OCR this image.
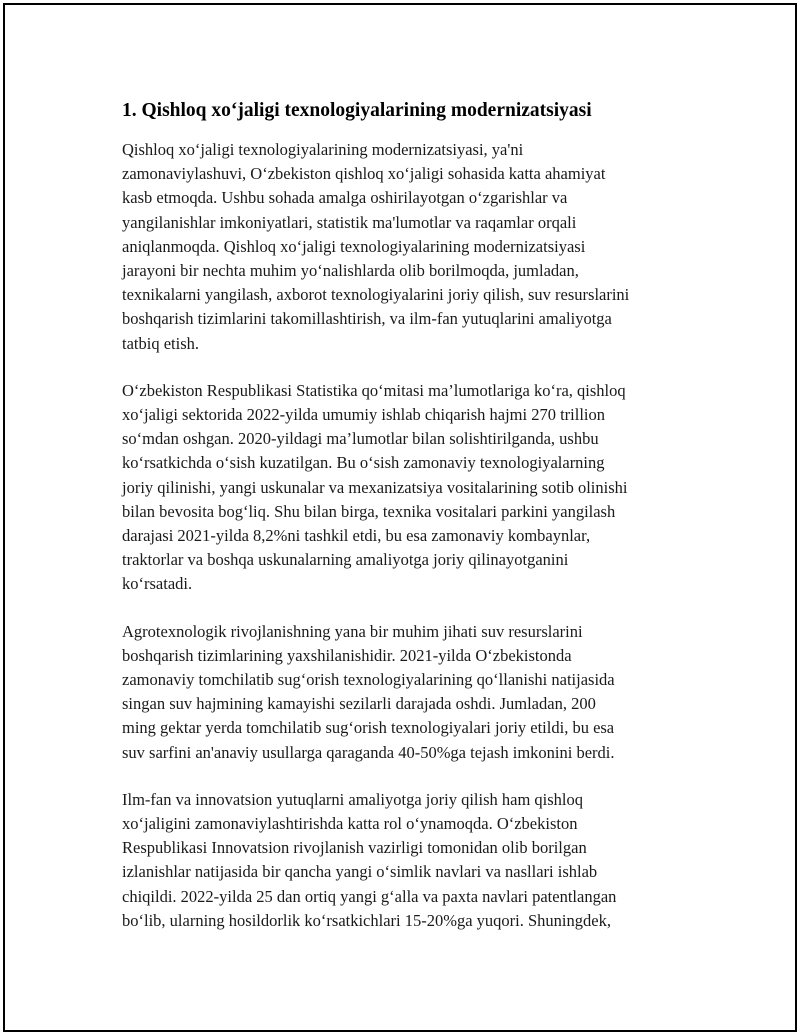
1. Qishloq xo‘jaligi texnologiyalarining modernizatsiyasi

Qishloq xo‘jaligi texnologiyalarining modernizatsiyasi, ya'ni
zamonaviylashuvi, O‘zbekiston qishloq xo‘jaligi sohasida katta ahamiyat
kasb etmoqda. Ushbu sohada amalga oshirilayotgan o‘zgarishlar va
yangilanishlar imkoniyatlari, statistik ma'lumotlar va raqamlar orqali
aniqlanmoqda. Qishloq xo‘jaligi texnologiyalarining modernizatsiyasi
jarayoni bir nechta muhim yo‘nalishlarda olib borilmoqda, jumladan,
texnikalarni yangilash, axborot texnologiyalarini joriy qilish, suv resurslarini
boshqarish tizimlarini takomillashtirish, va ilm-fan yutuqlarini amaliyotga
tatbiq etish.

O‘zbekiston Respublikasi Statistika qo‘mitasi ma’lumotlariga ko‘ra, qishloq
xo‘jaligi sektorida 2022-yilda umumiy ishlab chiqarish hajmi 270 trillion
so‘mdan oshgan. 2020-yildagi ma’lumotlar bilan solishtirilganda, ushbu
ko‘rsatkichda o‘sish kuzatilgan. Bu o‘sish zamonaviy texnologiyalarning
joriy qilinishi, yangi uskunalar va mexanizatsiya vositalarining sotib olinishi
bilan bevosita bog‘liq. Shu bilan birga, texnika vositalari parkini yangilash
darajasi 2021-yilda 8,2%ni tashkil etdi, bu esa zamonaviy kombaynlar,
traktorlar va boshqa uskunalarning amaliyotga joriy qilinayotganini
ko‘rsatadi.

Agrotexnologik rivojlanishning yana bir muhim jihati suv resurslarini
boshqarish tizimlarining yaxshilanishidir. 2021-yilda O‘zbekistonda
zamonaviy tomchilatib sug‘orish texnologiyalarining qo‘llanishi natijasida
singan suv hajmining kamayishi sezilarli darajada oshdi. Jumladan, 200
ming gektar yerda tomchilatib sug‘orish texnologiyalari joriy etildi, bu esa
suv sarfini an'anaviy usullarga qaraganda 40-50%ga tejash imkonini berdi.

Ilm-fan va innovatsion yutuqlarni amaliyotga joriy qilish ham qishloq
xo‘jaligini zamonaviylashtirishda katta rol o‘ynamoqda. O‘zbekiston
Respublikasi Innovatsion rivojlanish vazirligi tomonidan olib borilgan
izlanishlar natijasida bir qancha yangi o‘simlik navlari va nasllari ishlab
chiqildi. 2022-yilda 25 dan ortiq yangi g‘alla va paxta navlari patentlangan
bo‘lib, ularning hosildorlik ko‘rsatkichlari 15-20%ga yuqori. Shuningdek,
